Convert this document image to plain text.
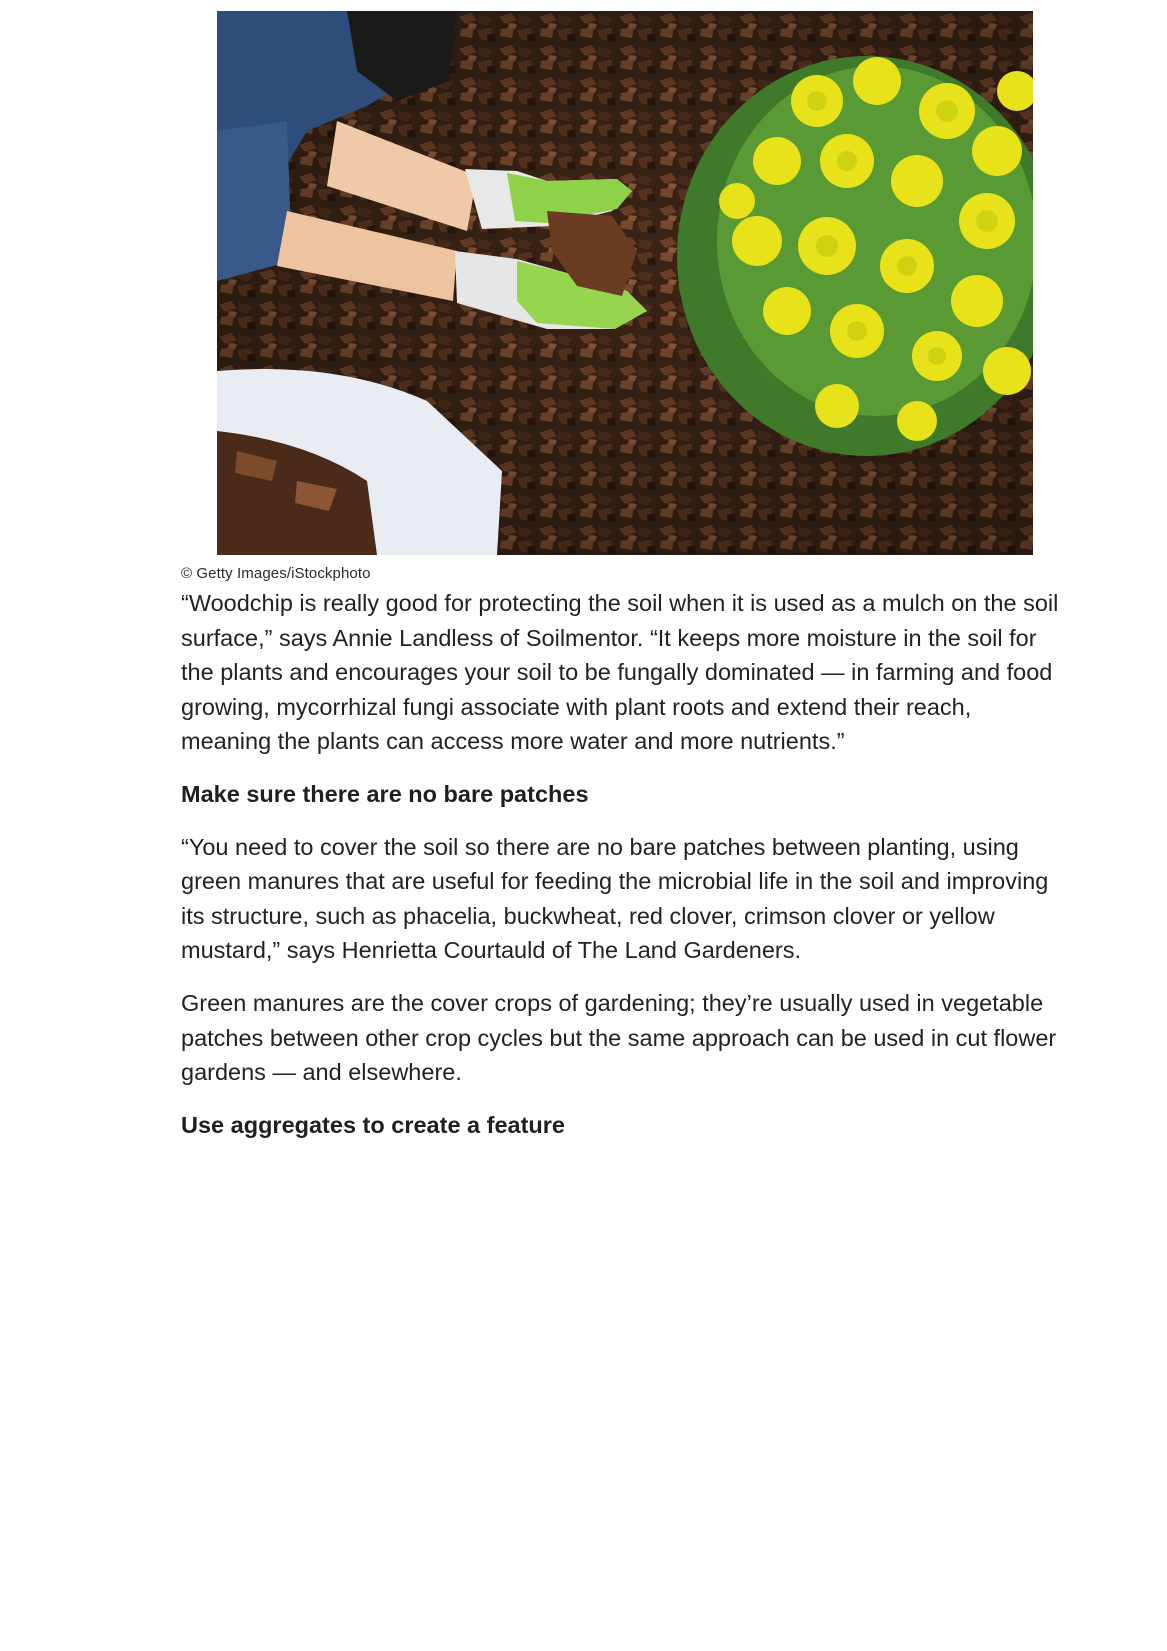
© Getty Images/iStockphoto

“Woodchip is really good for protecting the soil when it is used as a mulch on the soil surface,” says Annie Landless of Soilmentor. “It keeps more moisture in the soil for the plants and encourages your soil to be fungally dominated — in farming and food growing, mycorrhizal fungi associate with plant roots and extend their reach, meaning the plants can access more water and more nutrients.”

Make sure there are no bare patches

“You need to cover the soil so there are no bare patches between planting, using green manures that are useful for feeding the microbial life in the soil and improving its structure, such as phacelia, buckwheat, red clover, crimson clover or yellow mustard,” says Henrietta Courtauld of The Land Gardeners.

Green manures are the cover crops of gardening; they’re usually used in vegetable patches between other crop cycles but the same approach can be used in cut flower gardens — and elsewhere.

Use aggregates to create a feature
